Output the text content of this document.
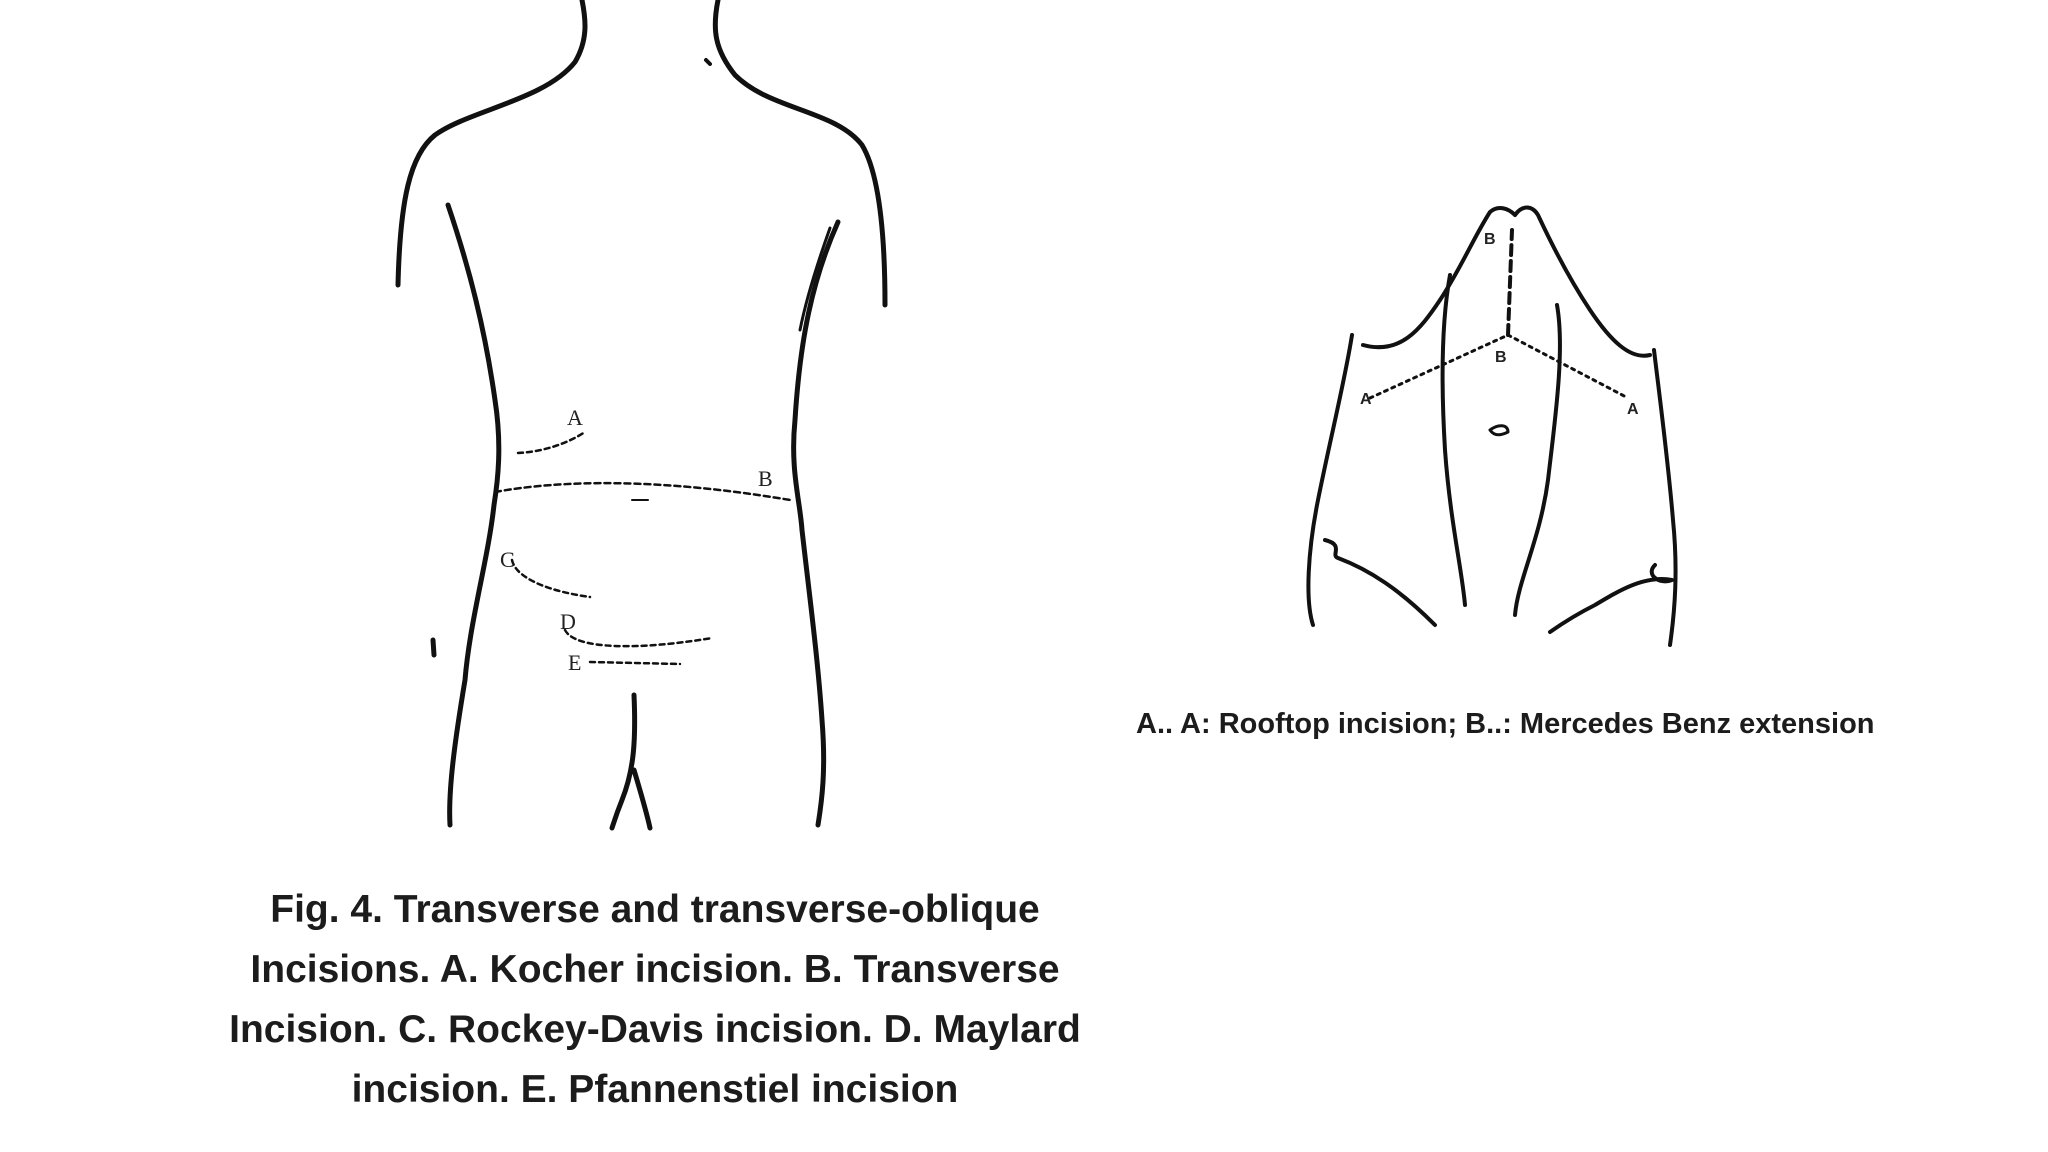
A
B
C
D
E
B
B
A
A
A.. A: Rooftop incision; B..: Mercedes Benz extension
Fig. 4. Transverse and transverse-oblique
Incisions. A. Kocher incision. B. Transverse
Incision. C. Rockey-Davis incision. D. Maylard
incision. E. Pfannenstiel incision
